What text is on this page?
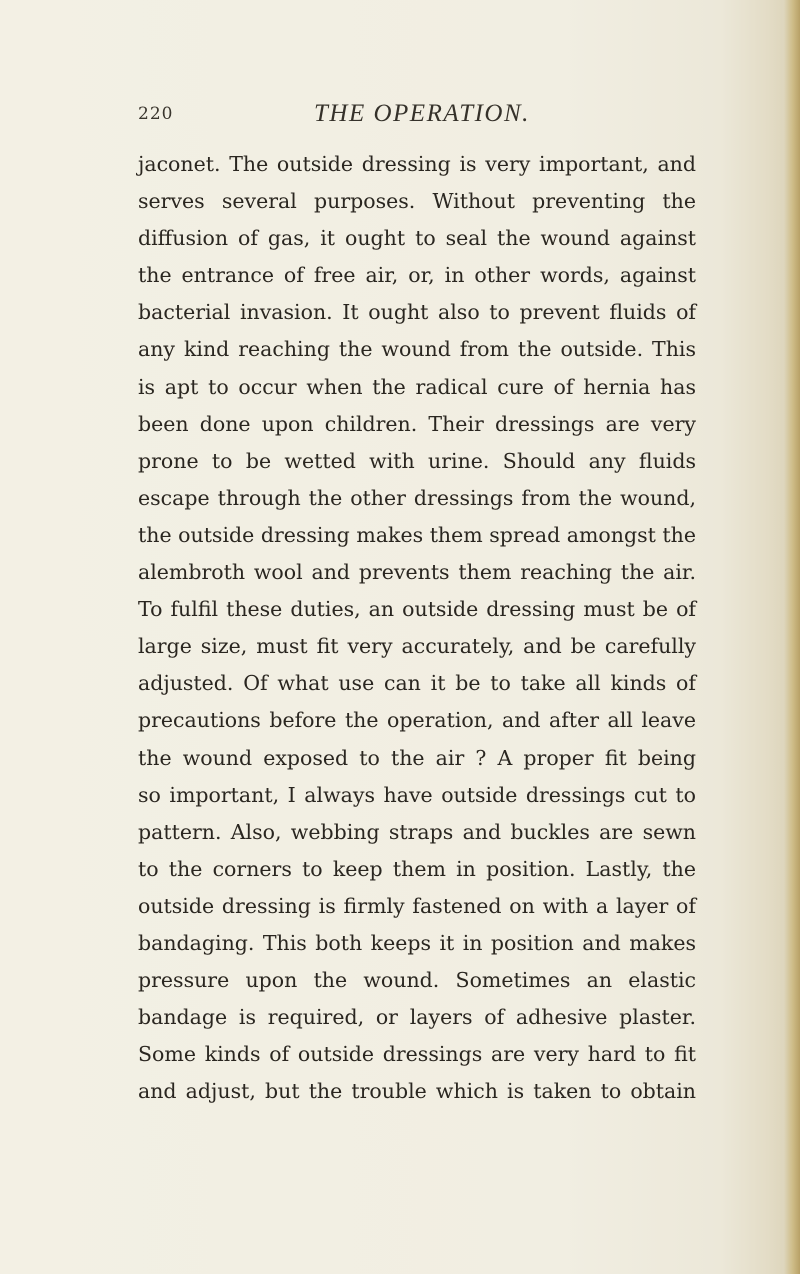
220	THE OPERATION.
jaconet. The outside dressing is very important, and
serves several purposes. Without preventing the
diffusion of gas, it ought to seal the wound against
the entrance of free air, or, in other words, against
bacterial invasion. It ought also to prevent fluids of
any kind reaching the wound from the outside. This
is apt to occur when the radical cure of hernia has
been done upon children. Their dressings are very
prone to be wetted with urine. Should any fluids
escape through the other dressings from the wound,
the outside dressing makes them spread amongst the
alembroth wool and prevents them reaching the air.
To fulfil these duties, an outside dressing must be of
large size, must fit very accurately, and be carefully
adjusted. Of what use can it be to take all kinds of
precautions before the operation, and after all leave
the wound exposed to the air ? A proper fit being
so important, I always have outside dressings cut to
pattern. Also, webbing straps and buckles are sewn
to the corners to keep them in position. Lastly, the
outside dressing is firmly fastened on with a layer of
bandaging. This both keeps it in position and makes
pressure upon the wound. Sometimes an elastic
bandage is required, or layers of adhesive plaster.
Some kinds of outside dressings are very hard to fit
and adjust, but the trouble which is taken to obtain
